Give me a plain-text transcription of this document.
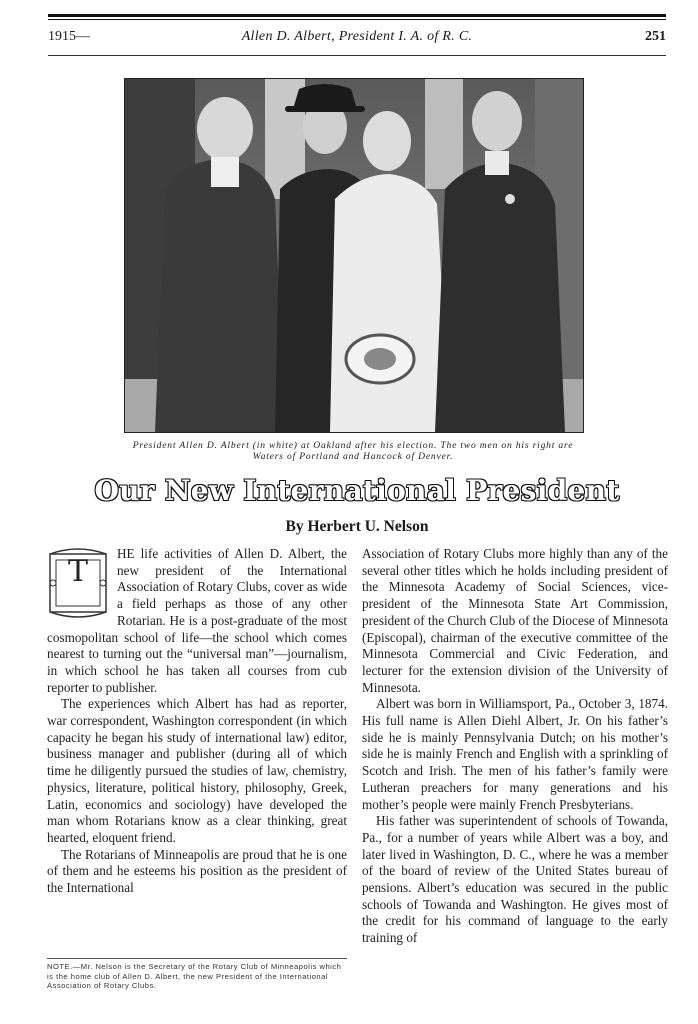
1915—	Allen D. Albert, President I. A. of R. C.	251
President Allen D. Albert (in white) at Oakland after his election. The two men on his right are Waters of Portland and Hancock of Denver.
Our New International President
By Herbert U. Nelson
T

HE life activities of Allen D. Albert, the new president of the International Association of Rotary Clubs, cover as wide a field perhaps as those of any other Rotarian. He is a post-graduate of the most cosmopolitan school of life—the school which comes nearest to turning out the “universal man”—journalism, in which school he has taken all courses from cub reporter to publisher.

The experiences which Albert has had as reporter, war correspondent, Washington correspondent (in which capacity he began his study of international law) editor, business manager and publisher (during all of which time he diligently pursued the studies of law, chemistry, physics, literature, political history, philosophy, Greek, Latin, economics and sociology) have developed the man whom Rotarians know as a clear thinking, great hearted, eloquent friend.

The Rotarians of Minneapolis are proud that he is one of them and he esteems his position as the president of the International

NOTE.—Mr. Nelson is the Secretary of the Rotary Club of Minneapolis which is the home club of Allen D. Albert, the new President of the International Association of Rotary Clubs.

Association of Rotary Clubs more highly than any of the several other titles which he holds including president of the Minnesota Academy of Social Sciences, vice-president of the Minnesota State Art Commission, president of the Church Club of the Diocese of Minnesota (Episcopal), chairman of the executive committee of the Minnesota Commercial and Civic Federation, and lecturer for the extension division of the University of Minnesota.

Albert was born in Williamsport, Pa., October 3, 1874. His full name is Allen Diehl Albert, Jr. On his father’s side he is mainly Pennsylvania Dutch; on his mother’s side he is mainly French and English with a sprinkling of Scotch and Irish. The men of his father’s family were Lutheran preachers for many generations and his mother’s people were mainly French Presbyterians.

His father was superintendent of schools of Towanda, Pa., for a number of years while Albert was a boy, and later lived in Washington, D. C., where he was a member of the board of review of the United States bureau of pensions. Albert’s education was secured in the public schools of Towanda and Washington. He gives most of the credit for his command of language to the early training of
